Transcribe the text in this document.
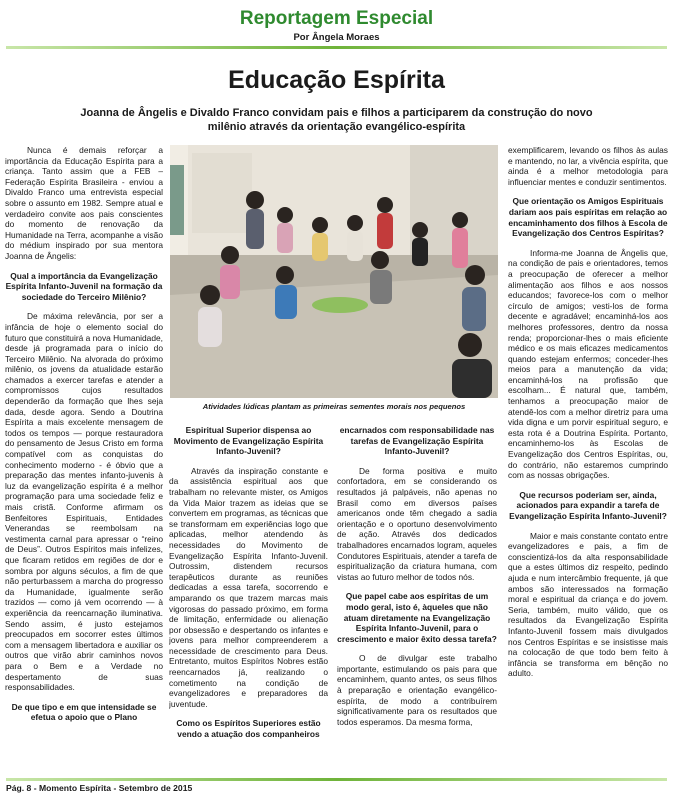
Reportagem Especial
Por Ângela Moraes
Educação Espírita
Joanna de Ângelis e Divaldo Franco convidam pais e filhos a participarem da construção do novo milênio através da orientação evangélico-espírita

Nunca é demais reforçar a importância da Educação Espírita para a criança. Tanto assim que a FEB – Federação Espírita Brasileira - enviou a Divaldo Franco uma entrevista especial sobre o assunto em 1982. Sempre atual e verdadeiro convite aos pais conscientes do momento de renovação da Humanidade na Terra, acompanhe a visão do médium inspirado por sua mentora Joanna de Ângelis:

Qual a importância da Evangelização Espírita Infanto-Juvenil na formação da sociedade do Terceiro Milênio?

De máxima relevância, por ser a infância de hoje o elemento social do futuro que constituirá a nova Humanidade, desde já programada para o início do Terceiro Milênio. Na alvorada do próximo milênio, os jovens da atualidade estarão chamados a exercer tarefas e atender a compromissos cujos resultados dependerão da formação que lhes seja dada, desde agora. Sendo a Doutrina Espírita a mais excelente mensagem de todos os tempos — porque restauradora do pensamento de Jesus Cristo em forma compatível com as conquistas do conhecimento moderno - é óbvio que a preparação das mentes infanto-juvenis à luz da evangelização espírita é a melhor programação para uma sociedade feliz e mais cristã. Conforme afirmam os Benfeitores Espirituais, Entidades Venerandas se reembolsam na vestimenta carnal para apressar o “reino de Deus”. Outros Espíritos mais infelizes, que ficaram retidos em regiões de dor e sombra por alguns séculos, a fim de que não perturbassem a marcha do progresso da Humanidade, igualmente serão trazidos — como já vem ocorrendo — à experiência da reencarnação iluminativa. Sendo assim, é justo estejamos preocupados em socorrer estes últimos com a mensagem libertadora e auxiliar os outros que virão abrir caminhos novos para o Bem e a Verdade no despertamento de suas responsabilidades.

De que tipo e em que intensidade se efetua o apoio que o Plano
Atividades lúdicas plantam as primeiras sementes morais nos pequenos
Espiritual Superior dispensa ao Movimento de Evangelização Espírita Infanto-Juvenil?

Através da inspiração constante e da assistência espiritual aos que trabalham no relevante mister, os Amigos da Vida Maior trazem as ideias que se convertem em programas, as técnicas que se transformam em experiências logo que aplicadas, melhor atendendo às necessidades do Movimento de Evangelização Espírita Infanto-Juvenil. Outrossim, distendem recursos terapêuticos durante as reuniões dedicadas a essa tarefa, socorrendo e amparando os que trazem marcas mais vigorosas do passado próximo, em forma de limitação, enfermidade ou alienação por obsessão e despertando os infantes e jovens para melhor compreenderem a necessidade de crescimento para Deus. Entretanto, muitos Espíritos Nobres estão reencarnados já, realizando o cometimento na condição de evangelizadores e preparadores da juventude.

Como os Espíritos Superiores estão vendo a atuação dos companheiros
encarnados com responsabilidade nas tarefas de Evangelização Espírita Infanto-Juvenil?

De forma positiva e muito confortadora, em se considerando os resultados já palpáveis, não apenas no Brasil como em diversos países americanos onde têm chegado a sadia orientação e o oportuno desenvolvimento de ação. Através dos dedicados trabalhadores encarnados logram, aqueles Condutores Espirituais, atender a tarefa de espiritualização da criatura humana, com vistas ao futuro melhor de todos nós.

Que papel cabe aos espíritas de um modo geral, isto é, àqueles que não atuam diretamente na Evangelização Espírita Infanto-Juvenil, para o crescimento e maior êxito dessa tarefa?

O de divulgar este trabalho importante, estimulando os pais para que encaminhem, quanto antes, os seus filhos à preparação e orientação evangélico-espírita, de modo a contribuírem significativamente para os resultados que todos esperamos. Da mesma forma,

exemplificarem, levando os filhos às aulas e mantendo, no lar, a vivência espírita, que ainda é a melhor metodologia para influenciar mentes e conduzir sentimentos.

Que orientação os Amigos Espirituais dariam aos pais espíritas em relação ao encaminhamento dos filhos à Escola de Evangelização dos Centros Espíritas?

Informa-me Joanna de Ângelis que, na condição de pais e orientadores, temos a preocupação de oferecer a melhor alimentação aos filhos e aos nossos educandos; favorece-los com o melhor círculo de amigos; vesti-los de forma decente e agradável; encaminhá-los aos melhores professores, dentro da nossa renda; proporcionar-lhes o mais eficiente médico e os mais eficazes medicamentos quando estejam enfermos; conceder-lhes meios para a manutenção da vida; encaminhá-los na profissão que escolham... É natural que, também, tenhamos a preocupação maior de atendê-los com a melhor diretriz para uma vida digna e um porvir espiritual seguro, e esta rota é a Doutrina Espírita. Portanto, encaminhemo-los às Escolas de Evangelização dos Centros Espíritas, ou, do contrário, não estaremos cumprindo com as nossas obrigações.

Que recursos poderiam ser, ainda, acionados para expandir a tarefa de Evangelização Espírita Infanto-Juvenil?

Maior e mais constante contato entre evangelizadores e pais, a fim de conscientizá-los da alta responsabilidade que a estes últimos diz respeito, pedindo ajuda e num intercâmbio frequente, já que ambos são interessados na formação moral e espiritual da criança e do jovem. Seria, também, muito válido, que os resultados da Evangelização Espírita Infanto-Juvenil fossem mais divulgados nos Centros Espíritas e se insistisse mais na colocação de que todo bem feito à infância se transforma em bênção no adulto.

Pág. 8 - Momento Espírita - Setembro de 2015
